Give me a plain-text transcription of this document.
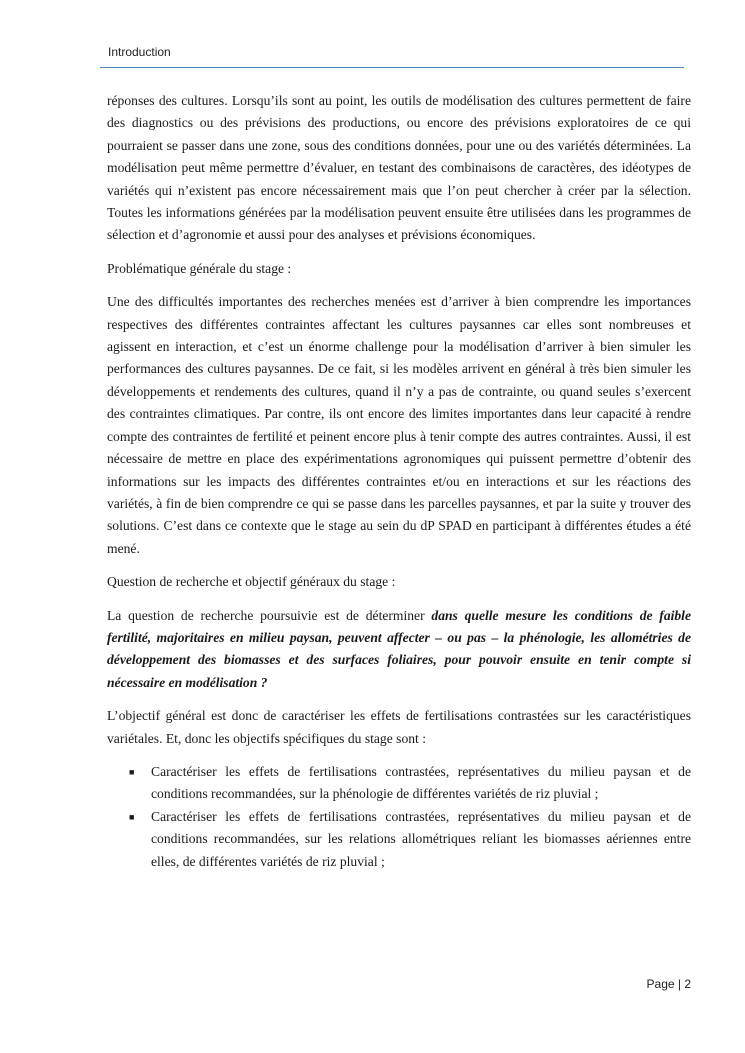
Introduction

réponses des cultures. Lorsqu’ils sont au point, les outils de modélisation des cultures permettent de faire des diagnostics ou des prévisions des productions, ou encore des prévisions exploratoires de ce qui pourraient se passer dans une zone, sous des conditions données, pour une ou des variétés déterminées. La modélisation peut même permettre d’évaluer, en testant des combinaisons de caractères, des idéotypes de variétés qui n’existent pas encore nécessairement mais que l’on peut chercher à créer par la sélection. Toutes les informations générées par la modélisation peuvent ensuite être utilisées dans les programmes de sélection et d’agronomie et aussi pour des analyses et prévisions économiques.

Problématique générale du stage :

Une des difficultés importantes des recherches menées est d’arriver à bien comprendre les importances respectives des différentes contraintes affectant les cultures paysannes car elles sont nombreuses et agissent en interaction, et c’est un énorme challenge pour la modélisation d’arriver à bien simuler les performances des cultures paysannes. De ce fait, si les modèles arrivent en général à très bien simuler les développements et rendements des cultures, quand il n’y a pas de contrainte, ou quand seules s’exercent des contraintes climatiques. Par contre, ils ont encore des limites importantes dans leur capacité à rendre compte des contraintes de fertilité et peinent encore plus à tenir compte des autres contraintes. Aussi, il est nécessaire de mettre en place des expérimentations agronomiques qui puissent permettre d’obtenir des informations sur les impacts des différentes contraintes et/ou en interactions et sur les réactions des variétés, à fin de bien comprendre ce qui se passe dans les parcelles paysannes, et par la suite y trouver des solutions. C’est dans ce contexte que le stage au sein du dP SPAD en participant à différentes études a été mené.

Question de recherche et objectif généraux du stage :

La question de recherche poursuivie est de déterminer dans quelle mesure les conditions de faible fertilité, majoritaires en milieu paysan, peuvent affecter – ou pas – la phénologie, les allométries de développement des biomasses et des surfaces foliaires, pour pouvoir ensuite en tenir compte si nécessaire en modélisation ?

L’objectif général est donc de caractériser les effets de fertilisations contrastées sur les caractéristiques variétales. Et, donc les objectifs spécifiques du stage sont :

■ Caractériser les effets de fertilisations contrastées, représentatives du milieu paysan et de conditions recommandées, sur la phénologie de différentes variétés de riz pluvial ;
■ Caractériser les effets de fertilisations contrastées, représentatives du milieu paysan et de conditions recommandées, sur les relations allométriques reliant les biomasses aériennes entre elles, de différentes variétés de riz pluvial ;
Page | 2
